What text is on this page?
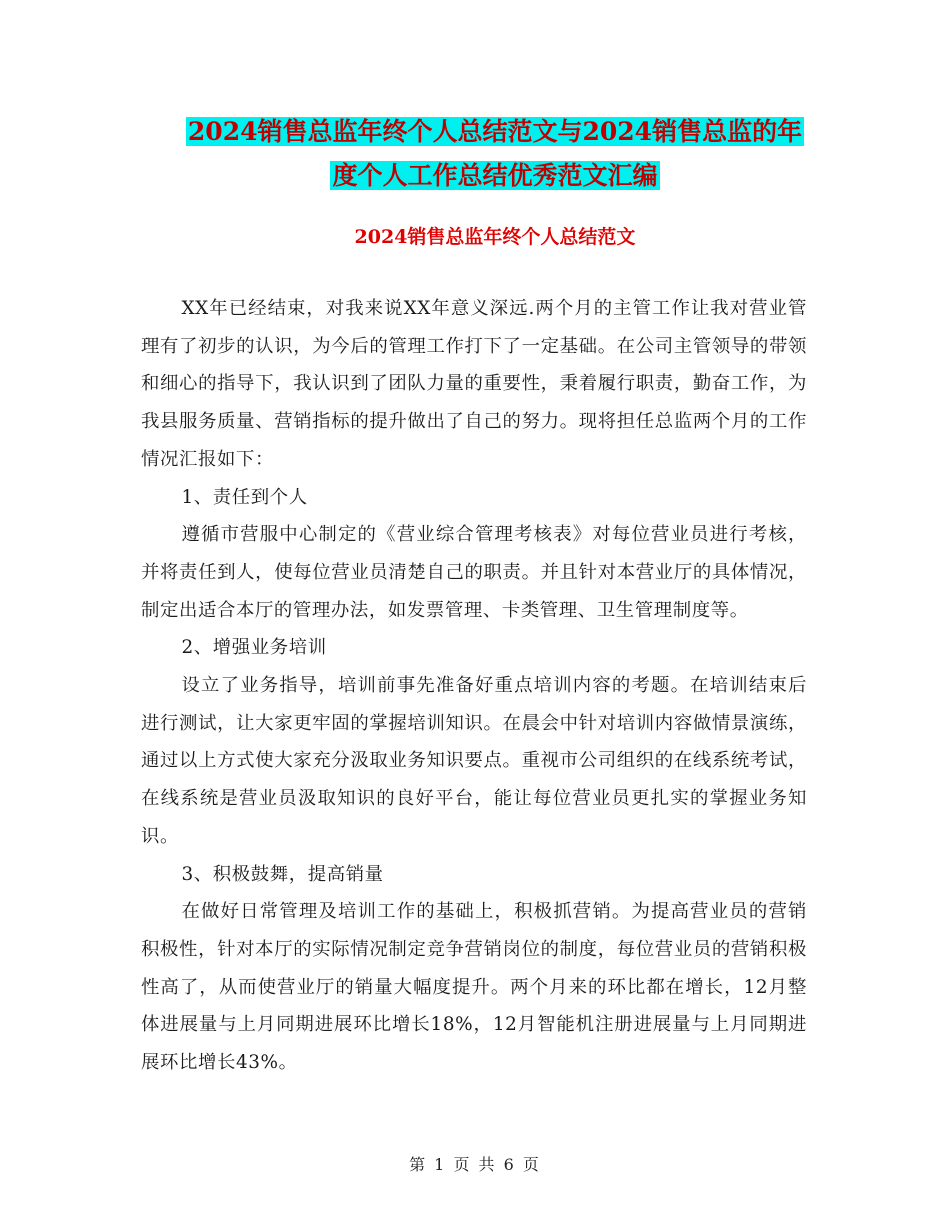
2024销售总监年终个人总结范文与2024销售总监的年
度个人工作总结优秀范文汇编
2024销售总监年终个人总结范文

XX年已经结束，对我来说XX年意义深远.两个月的主管工作让我对营业管理有了初步的认识，为今后的管理工作打下了一定基础。在公司主管领导的带领和细心的指导下，我认识到了团队力量的重要性，秉着履行职责，勤奋工作，为我县服务质量、营销指标的提升做出了自己的努力。现将担任总监两个月的工作情况汇报如下：

1、责任到个人

遵循市营服中心制定的《营业综合管理考核表》对每位营业员进行考核，并将责任到人，使每位营业员清楚自己的职责。并且针对本营业厅的具体情况，制定出适合本厅的管理办法，如发票管理、卡类管理、卫生管理制度等。

2、增强业务培训

设立了业务指导，培训前事先准备好重点培训内容的考题。在培训结束后进行测试，让大家更牢固的掌握培训知识。在晨会中针对培训内容做情景演练，通过以上方式使大家充分汲取业务知识要点。重视市公司组织的在线系统考试，在线系统是营业员汲取知识的良好平台，能让每位营业员更扎实的掌握业务知识。

3、积极鼓舞，提高销量

在做好日常管理及培训工作的基础上，积极抓营销。为提高营业员的营销积极性，针对本厅的实际情况制定竞争营销岗位的制度，每位营业员的营销积极性高了，从而使营业厅的销量大幅度提升。两个月来的环比都在增长，12月整体进展量与上月同期进展环比增长18%，12月智能机注册进展量与上月同期进展环比增长43%。

第 1 页 共 6 页
